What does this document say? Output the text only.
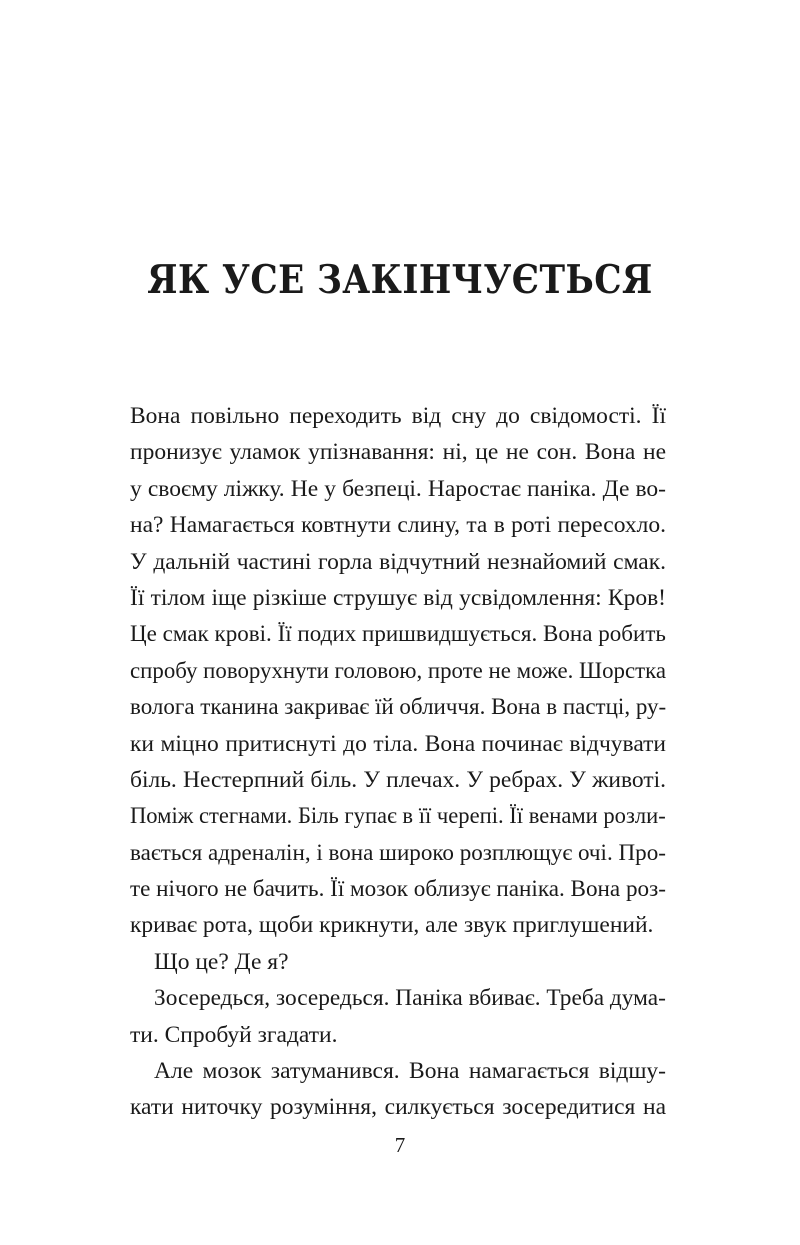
ЯК УСЕ ЗАКІНЧУЄТЬСЯ
Вона повільно переходить від сну до свідомості. Її
пронизує уламок упізнавання: ні, це не сон. Вона не
у своєму ліжку. Не у безпеці. Наростає паніка. Де во-
на? Намагається ковтнути слину, та в роті пересохло.
У дальній частині горла відчутний незнайомий смак.
Її тілом іще різкіше струшує від усвідомлення: Кров!
Це смак крові. Її подих пришвидшується. Вона робить
спробу поворухнути головою, проте не може. Шорстка
волога тканина закриває їй обличчя. Вона в пастці, ру-
ки міцно притиснуті до тіла. Вона починає відчувати
біль. Нестерпний біль. У плечах. У ребрах. У животі.
Поміж стегнами. Біль гупає в її черепі. Її венами розли-
вається адреналін, і вона широко розплющує очі. Про-
те нічого не бачить. Її мозок облизує паніка. Вона роз-
криває рота, щоби крикнути, але звук приглушений.
Що це? Де я?
Зосередься, зосередься. Паніка вбиває. Треба дума-
ти. Спробуй згадати.
Але мозок затуманився. Вона намагається відшу-
кати ниточку розуміння, силкується зосередитися на
7
